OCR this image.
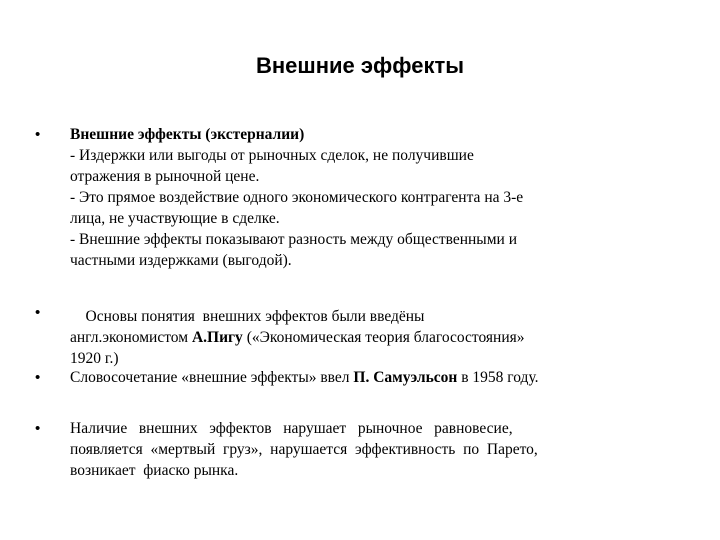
Внешние эффекты
• Внешние эффекты (экстерналии)
- Издержки или выгоды от рыночных сделок, не получившие
отражения в рыночной цене.
- Это прямое воздействие одного экономического контрагента на 3-е
лица, не участвующие в сделке.
- Внешние эффекты показывают разность между общественными и
частными издержками (выгодой).
• Основы понятия  внешних эффектов были введёны
англ.экономистом А.Пигу («Экономическая теория благосостояния»
1920 г.)
• Словосочетание «внешние эффекты» ввел П. Самуэльсон в 1958 году.
• Наличие   внешних   эффектов   нарушает   рыночное   равновесие,
появляется  «мертвый  груз»,  нарушается  эффективность  по  Парето,
возникает  фиаско рынка.
